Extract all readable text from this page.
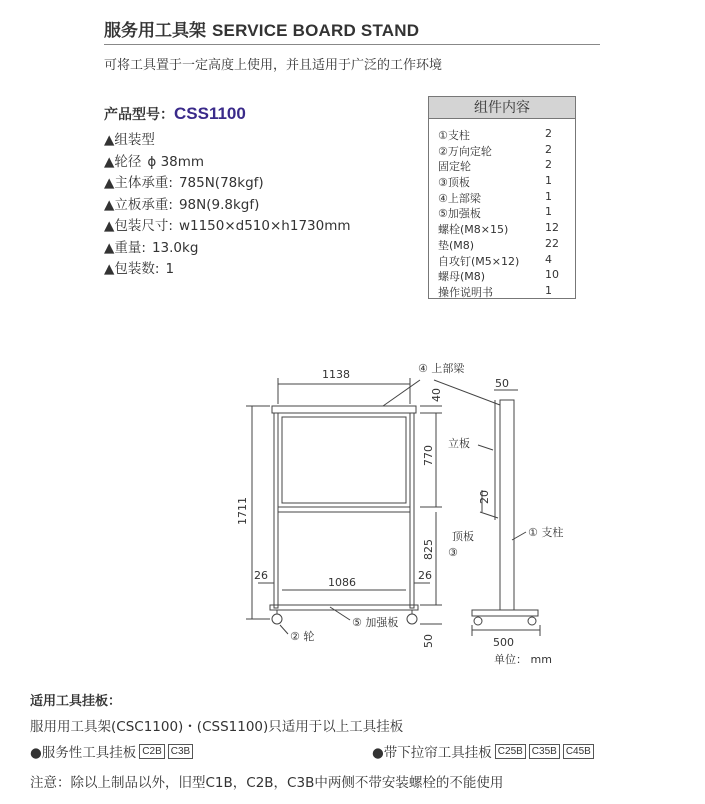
服务用工具架 SERVICE BOARD STAND
可将工具置于一定高度上使用，并且适用于广泛的工作环境
产品型号：CSS1100
▲组装型
▲轮径 ϕ 38mm
▲主体承重: 785N(78kgf)
▲立板承重: 98N(9.8kgf)
▲包装尺寸: w1150×d510×h1730mm
▲重量: 13.0kg
▲包装数: 1
组件内容
①支柱	2
②万向定轮	2
固定轮	2
③顶板	1
④上部梁	1
⑤加强板	1
螺栓(M8×15)	12
垫(M8)	22
自攻钉(M5×12) 4
螺母(M8)	10
操作说明书	1
1138
1711
770
825
40
26	26
1086
50
50
20
500
④ 上部梁
立板
顶板
③
① 支柱
⑤ 加强板
② 轮
单位： mm
适用工具挂板：
服用用工具架(CSC1100)・(CSS1100)只适用于以上工具挂板
●服务性工具挂板 C2B C3B	●带下拉帘工具挂板 C25B C35B C45B
注意：除以上制品以外，旧型C1B，C2B，C3B中两侧不带安装螺栓的不能使用
